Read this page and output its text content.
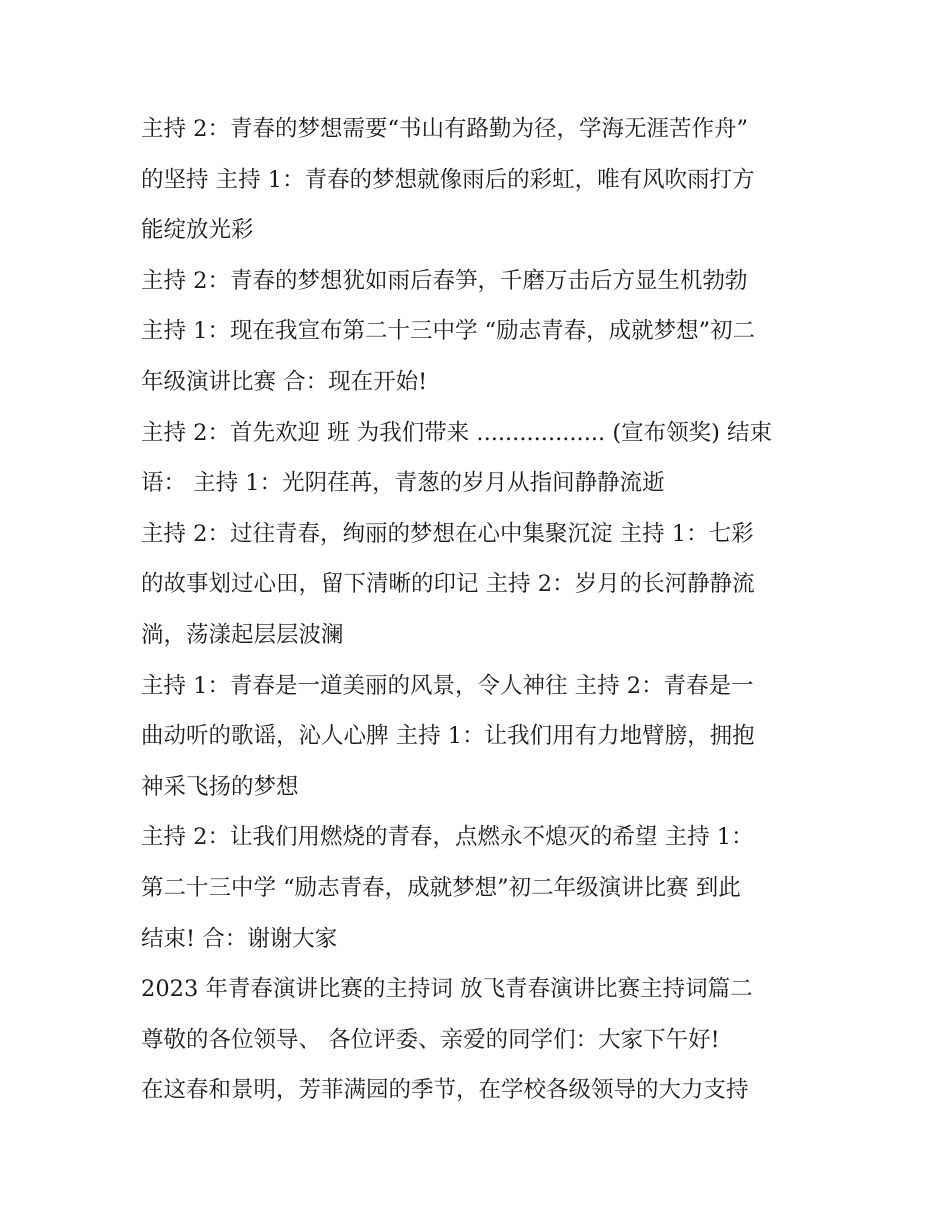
主持 2：青春的梦想需要“书山有路勤为径，学海无涯苦作舟”
的坚持 主持 1：青春的梦想就像雨后的彩虹，唯有风吹雨打方
能绽放光彩
主持 2：青春的梦想犹如雨后春笋，千磨万击后方显生机勃勃
主持 1：现在我宣布第二十三中学 “励志青春，成就梦想”初二
年级演讲比赛 合：现在开始!
主持 2：首先欢迎 班 为我们带来 .................. (宣布领奖) 结束
语： 主持 1：光阴荏苒，青葱的岁月从指间静静流逝
主持 2：过往青春，绚丽的梦想在心中集聚沉淀 主持 1：七彩
的故事划过心田，留下清晰的印记 主持 2：岁月的长河静静流
淌，荡漾起层层波澜
主持 1：青春是一道美丽的风景，令人神往 主持 2：青春是一
曲动听的歌谣，沁人心脾 主持 1：让我们用有力地臂膀，拥抱
神采飞扬的梦想
主持 2：让我们用燃烧的青春，点燃永不熄灭的希望 主持 1：
第二十三中学 “励志青春，成就梦想”初二年级演讲比赛 到此
结束! 合：谢谢大家
2023 年青春演讲比赛的主持词 放飞青春演讲比赛主持词篇二
尊敬的各位领导、 各位评委、亲爱的同学们：大家下午好!
在这春和景明，芳菲满园的季节，在学校各级领导的大力支持
